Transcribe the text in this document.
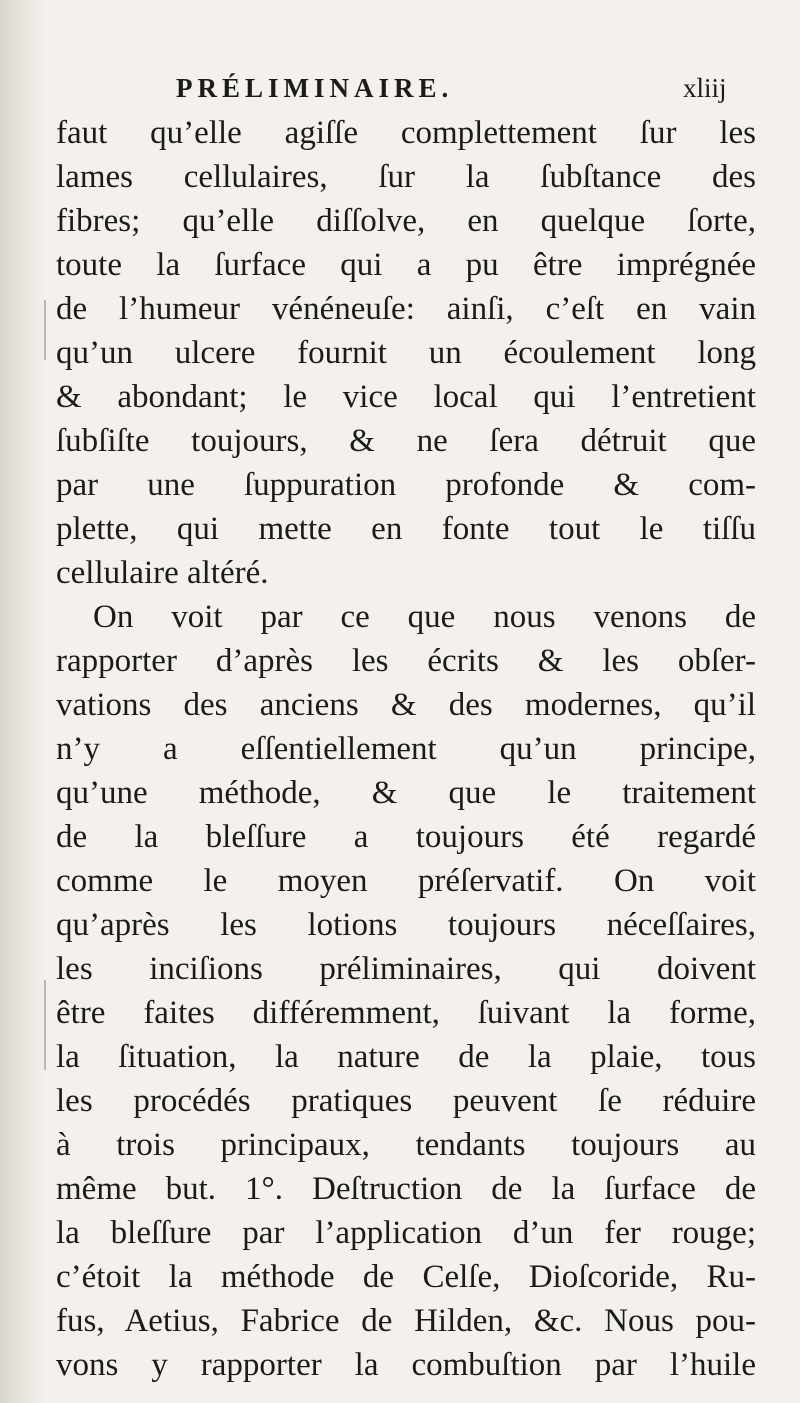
PRÉLIMINAIRE.	xliij
faut qu’elle agiſſe complettement ſur les
lames cellulaires, ſur la ſubſtance des
fibres; qu’elle diſſolve, en quelque ſorte,
toute la ſurface qui a pu être imprégnée
de l’humeur vénéneuſe: ainſi, c’eſt en vain
qu’un ulcere fournit un écoulement long
& abondant; le vice local qui l’entretient
ſubſiſte toujours, & ne ſera détruit que
par une ſuppuration profonde & com-
plette, qui mette en fonte tout le tiſſu
cellulaire altéré.
On voit par ce que nous venons de
rapporter d’après les écrits & les obſer-
vations des anciens & des modernes, qu’il
n’y a eſſentiellement qu’un principe,
qu’une méthode, & que le traitement
de la bleſſure a toujours été regardé
comme le moyen préſervatif. On voit
qu’après les lotions toujours néceſſaires,
les inciſions préliminaires, qui doivent
être faites différemment, ſuivant la forme,
la ſituation, la nature de la plaie, tous
les procédés pratiques peuvent ſe réduire
à trois principaux, tendants toujours au
même but. 1°. Deſtruction de la ſurface de
la bleſſure par l’application d’un fer rouge;
c’étoit la méthode de Celſe, Dioſcoride, Ru-
fus, Aetius, Fabrice de Hilden, &c. Nous pou-
vons y rapporter la combuſtion par l’huile
